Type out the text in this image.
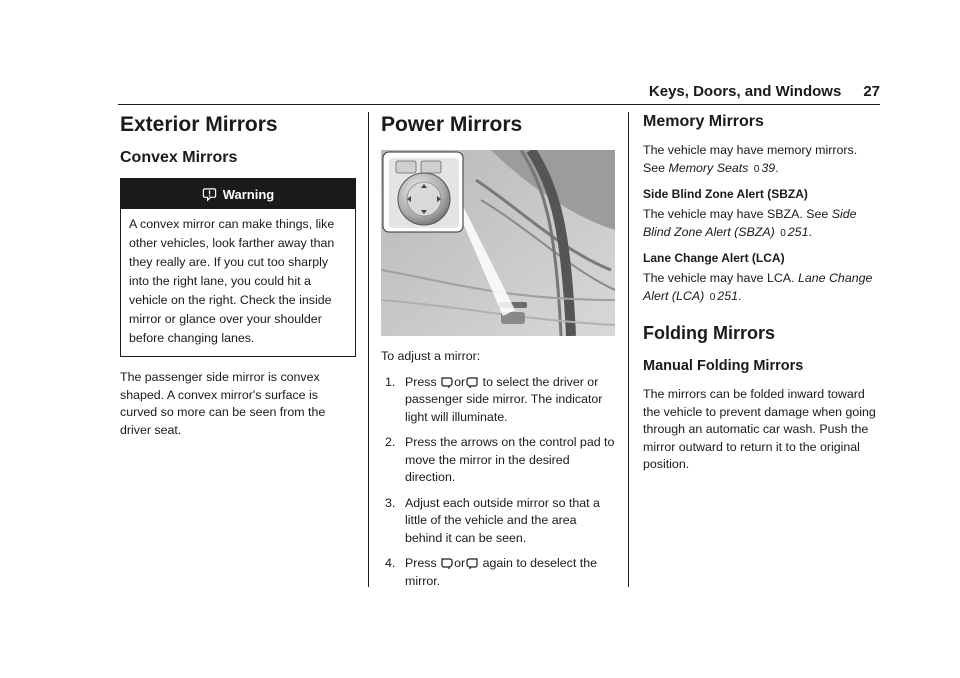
Keys, Doors, and Windows 27
Exterior Mirrors
Convex Mirrors
Warning
A convex mirror can make things, like
other vehicles, look farther away than
they really are. If you cut too sharply
into the right lane, you could hit a
vehicle on the right. Check the inside
mirror or glance over your shoulder
before changing lanes.

The passenger side mirror is convex shaped. A convex mirror's surface is curved so more can be seen from the driver seat.

Power Mirrors

To adjust a mirror:

1. Press or to select the driver or passenger side mirror. The indicator light will illuminate.
2. Press the arrows on the control pad to move the mirror in the desired direction.
3. Adjust each outside mirror so that a little of the vehicle and the area behind it can be seen.
4. Press or again to deselect the mirror.
Memory Mirrors

The vehicle may have memory mirrors. See Memory Seats 0 39.

Side Blind Zone Alert (SBZA)

The vehicle may have SBZA. See Side Blind Zone Alert (SBZA) 0 251.

Lane Change Alert (LCA)

The vehicle may have LCA. Lane Change Alert (LCA) 0 251.

Folding Mirrors
Manual Folding Mirrors

The mirrors can be folded inward toward the vehicle to prevent damage when going through an automatic car wash. Push the mirror outward to return it to the original position.
